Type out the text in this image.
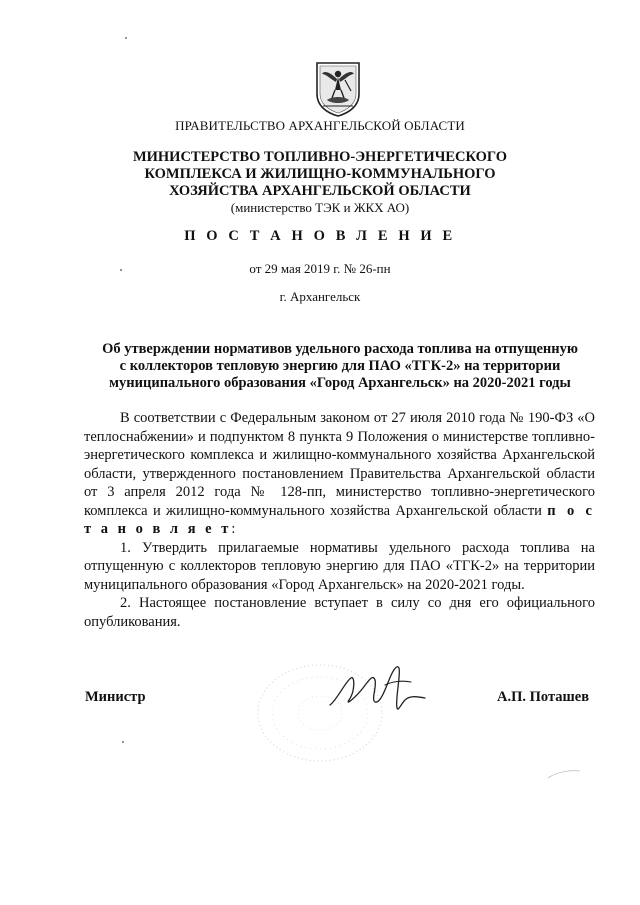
ПРАВИТЕЛЬСТВО АРХАНГЕЛЬСКОЙ ОБЛАСТИ
МИНИСТЕРСТВО ТОПЛИВНО-ЭНЕРГЕТИЧЕСКОГО
КОМПЛЕКСА И ЖИЛИЩНО-КОММУНАЛЬНОГО
ХОЗЯЙСТВА АРХАНГЕЛЬСКОЙ ОБЛАСТИ
(министерство ТЭК и ЖКХ АО)
П О С Т А Н О В Л Е Н И Е
от 29 мая 2019 г. № 26-пн
г. Архангельск
Об утверждении нормативов удельного расхода топлива на отпущенную
с коллекторов тепловую энергию для ПАО «ТГК-2» на территории
муниципального образования «Город Архангельск» на 2020-2021 годы

В соответствии с Федеральным законом от 27 июля 2010 года № 190-ФЗ «О теплоснабжении» и подпунктом 8 пункта 9 Положения о министерстве топливно-энергетического комплекса и жилищно-коммунального хозяйства Архангельской области, утвержденного постановлением Правительства Архангельской области от 3 апреля 2012 года № 128-пп, министерство топливно-энергетического комплекса и жилищно-коммунального хозяйства Архангельской области п о с т а н о в л я е т:

1. Утвердить прилагаемые нормативы удельного расхода топлива на отпущенную с коллекторов тепловую энергию для ПАО «ТГК-2» на территории муниципального образования «Город Архангельск» на 2020-2021 годы.

2. Настоящее постановление вступает в силу со дня его официального опубликования.

Министр	А.П. Поташев
